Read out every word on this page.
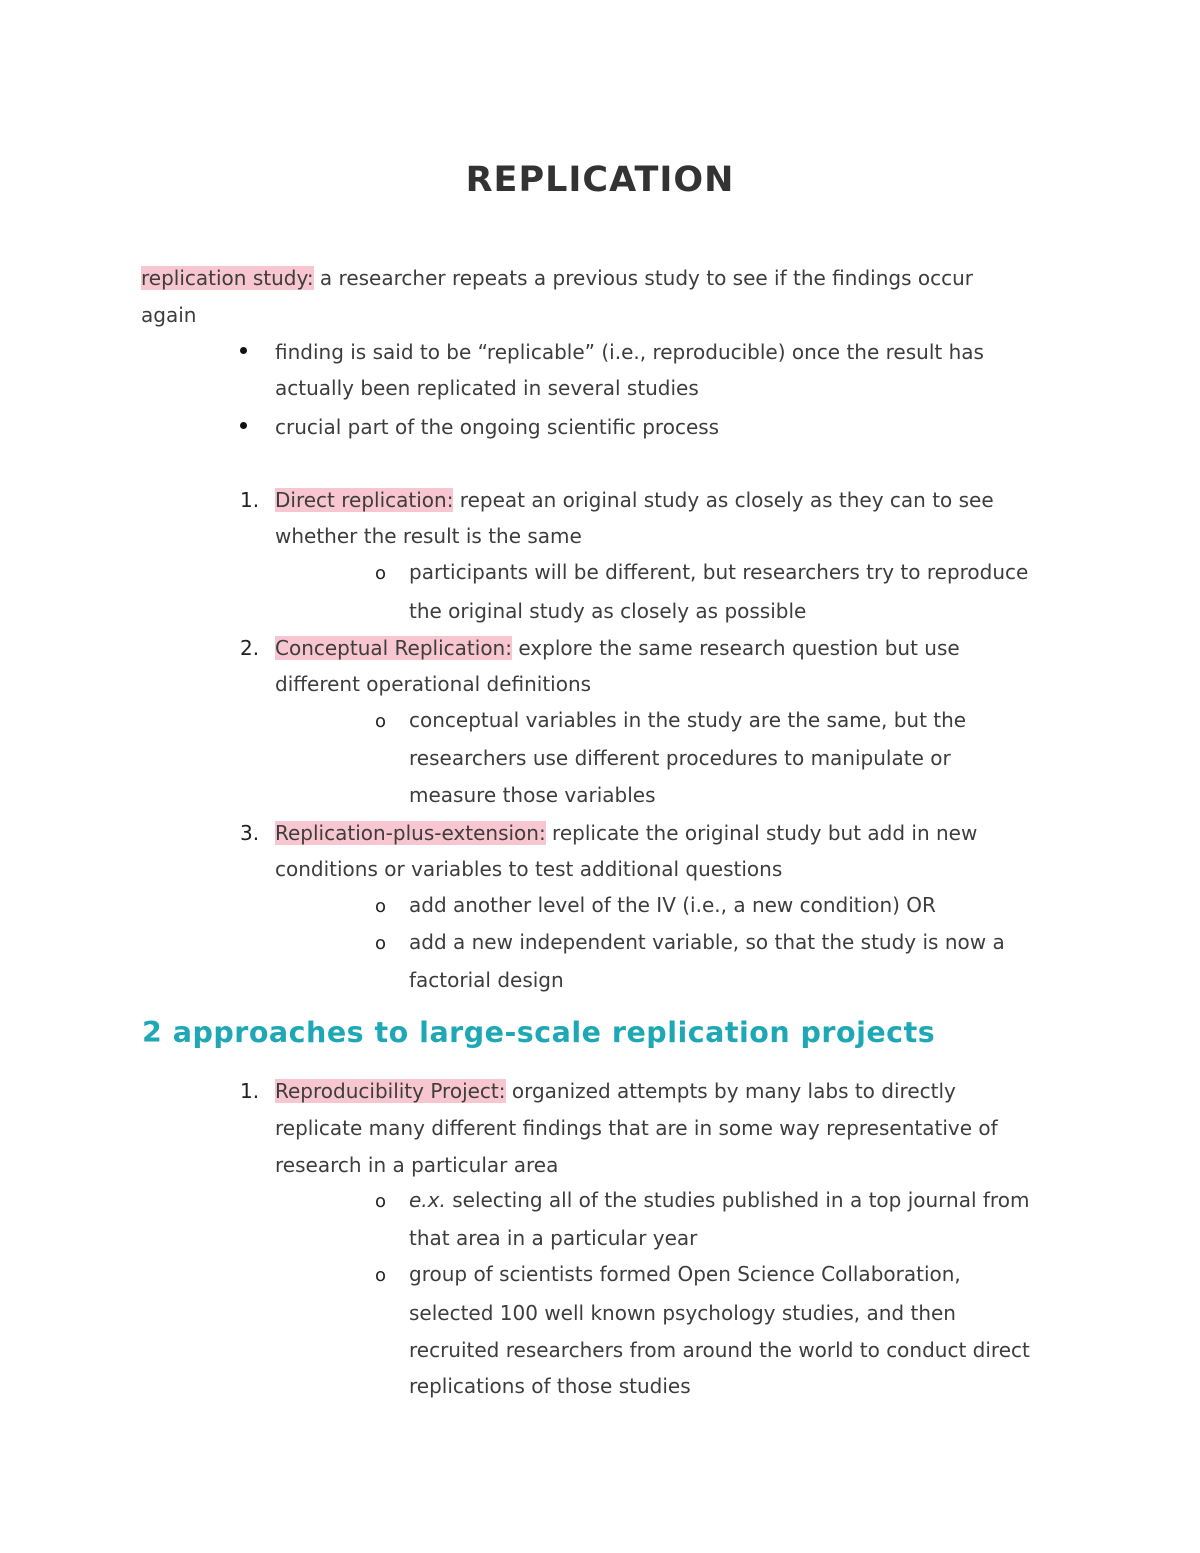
REPLICATION
replication study: a researcher repeats a previous study to see if the findings occur
again
finding is said to be “replicable” (i.e., reproducible) once the result has
actually been replicated in several studies
crucial part of the ongoing scientific process
1. Direct replication: repeat an original study as closely as they can to see
whether the result is the same
o participants will be different, but researchers try to reproduce
the original study as closely as possible
2. Conceptual Replication: explore the same research question but use
different operational definitions
o conceptual variables in the study are the same, but the
researchers use different procedures to manipulate or
measure those variables
3. Replication-plus-extension: replicate the original study but add in new
conditions or variables to test additional questions
o add another level of the IV (i.e., a new condition) OR
o add a new independent variable, so that the study is now a
factorial design
2 approaches to large-scale replication projects
1. Reproducibility Project: organized attempts by many labs to directly
replicate many different findings that are in some way representative of
research in a particular area
o e.x. selecting all of the studies published in a top journal from
that area in a particular year
o group of scientists formed Open Science Collaboration,
selected 100 well known psychology studies, and then
recruited researchers from around the world to conduct direct
replications of those studies
